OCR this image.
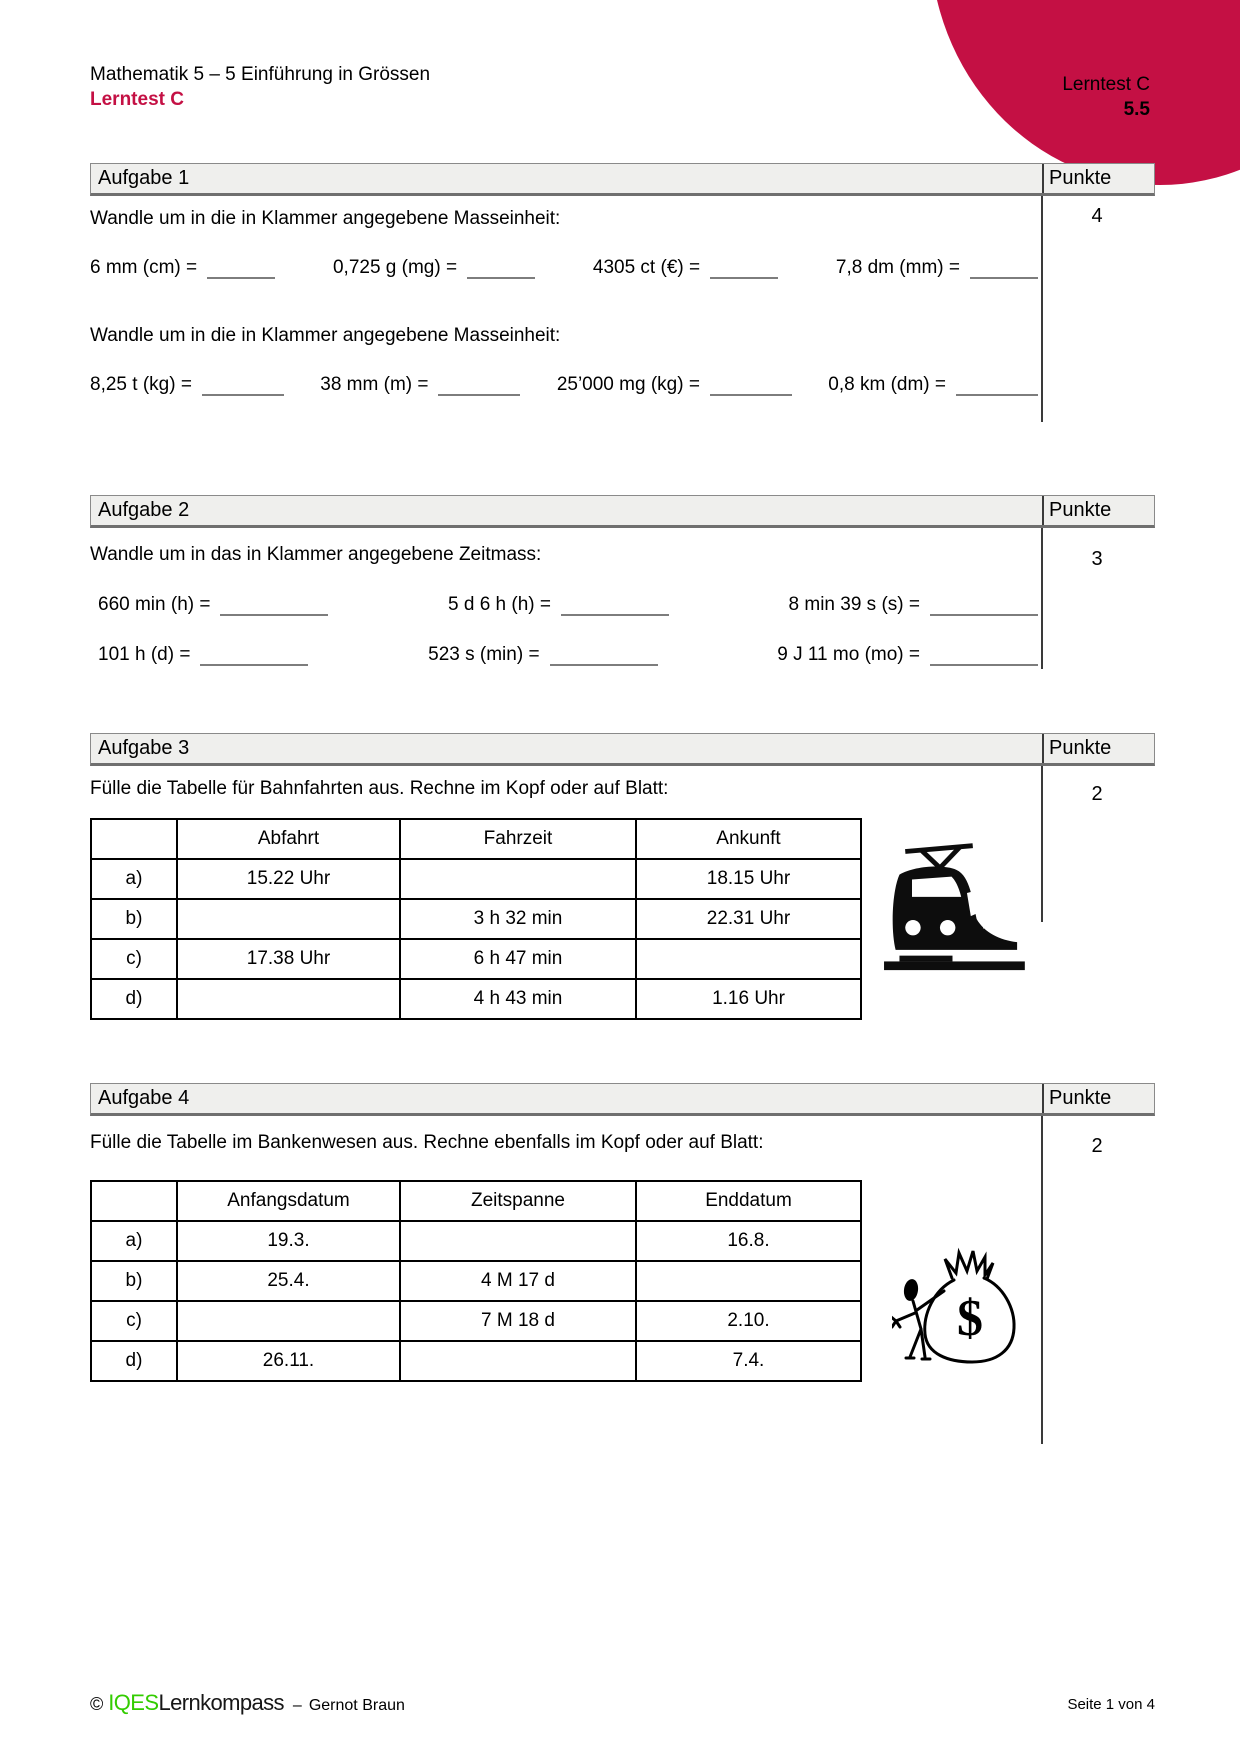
Lerntest C
5.5
Mathematik 5 – 5 Einführung in Grössen
Lerntest C
Aufgabe 1	Punkte
4

Wandle um in die in Klammer angegebene Masseinheit:

6 mm (cm) =	0,725 g (mg) =	4305 ct (€) =	7,8 dm (mm) =

Wandle um in die in Klammer angegebene Masseinheit:

8,25 t (kg) =	38 mm (m) =	25’000 mg (kg) =	0,8 km (dm) =
Aufgabe 2	Punkte
3

Wandle um in das in Klammer angegebene Zeitmass:

660 min (h) =	5 d 6 h (h) =	8 min 39 s (s) =
101 h (d) =	523 s (min) =	9 J 11 mo (mo) =
Aufgabe 3	Punkte
2

Fülle die Tabelle für Bahnfahrten aus. Rechne im Kopf oder auf Blatt:

	Abfahrt	Fahrzeit	Ankunft
a)	15.22 Uhr		18.15 Uhr
b)		3 h 32 min	22.31 Uhr
c)	17.38 Uhr	6 h 47 min	
d)		4 h 43 min	1.16 Uhr
Aufgabe 4	Punkte
2

Fülle die Tabelle im Bankenwesen aus. Rechne ebenfalls im Kopf oder auf Blatt:

	Anfangsdatum	Zeitspanne	Enddatum
a)	19.3.		16.8.
b)	25.4.	4 M 17 d	
c)		7 M 18 d	2.10.
d)	26.11.		7.4.
$
© IQES Lernkompass – Gernot Braun	Seite 1 von 4
